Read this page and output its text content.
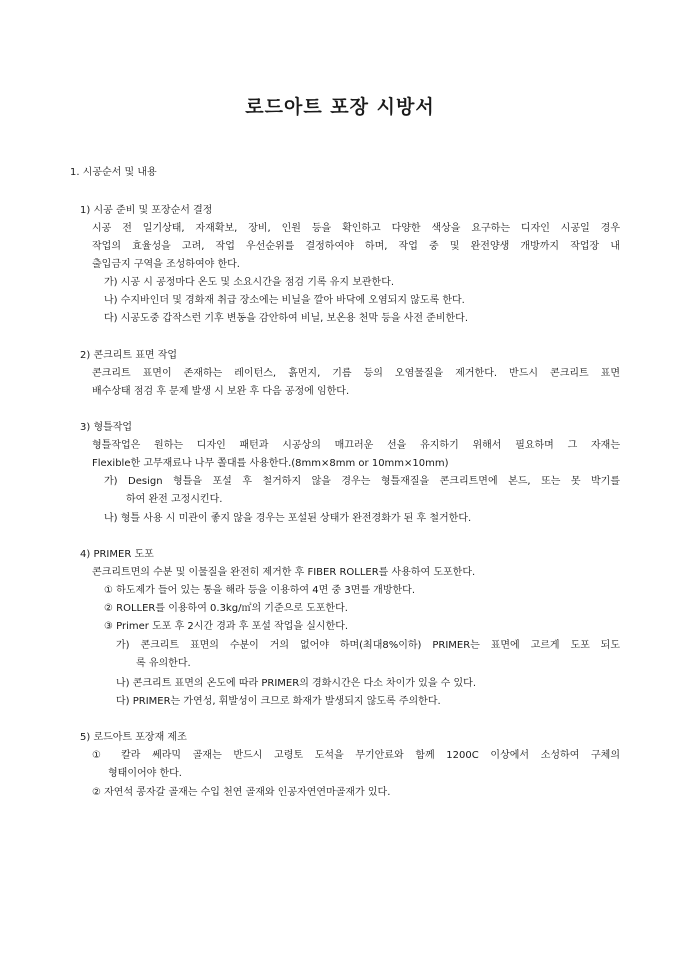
로드아트 포장 시방서
1. 시공순서 및 내용
1) 시공 준비 및 포장순서 결정
시공 전 일기상태, 자재확보, 장비, 인원 등을 확인하고 다양한 색상을 요구하는 디자인 시공일 경우
작업의 효율성을 고려, 작업 우선순위를 결정하여야 하며, 작업 중 및 완전양생 개방까지 작업장 내
출입금지 구역을 조성하여야 한다.
가) 시공 시 공정마다 온도 및 소요시간을 점검 기록 유지 보관한다.
나) 수지바인더 및 경화재 취급 장소에는 비닐을 깔아 바닥에 오염되지 않도록 한다.
다) 시공도중 갑작스런 기후 변동을 감안하여 비닐, 보온용 천막 등을 사전 준비한다.
2) 콘크리트 표면 작업
콘크리트 표면이 존재하는 레이턴스, 흙먼지, 기름 등의 오염물질을 제거한다. 반드시 콘크리트 표면
배수상태 점검 후 문제 발생 시 보완 후 다음 공정에 임한다.
3) 형틀작업
형틀작업은 원하는 디자인 패턴과 시공상의 매끄러운 선을 유지하기 위해서 필요하며 그 자재는
Flexible한 고무재료나 나무 쫄대를 사용한다.(8mm×8mm or 10mm×10mm)
가) Design 형틀을 포설 후 철거하지 않을 경우는 형틀재질을 콘크리트면에 본드, 또는 못 박기를
하여 완전 고정시킨다.
나) 형틀 사용 시 미관이 좋지 않을 경우는 포설된 상태가 완전경화가 된 후 철거한다.
4) PRIMER 도포
콘크리트면의 수분 및 이물질을 완전히 제거한 후 FIBER ROLLER를 사용하여 도포한다.
① 하도제가 들어 있는 통을 해라 등을 이용하여 4면 중 3면를 개방한다.
② ROLLER를 이용하여 0.3kg/㎡의 기준으로 도포한다.
③ Primer 도포 후 2시간 경과 후 포설 작업을 실시한다.
가) 콘크리트 표면의 수분이 거의 없어야 하며(최대8%이하) PRIMER는 표면에 고르게 도포 되도
록 유의한다.
나) 콘크리트 표면의 온도에 따라 PRIMER의 경화시간은 다소 차이가 있을 수 있다.
다) PRIMER는 가연성, 휘발성이 크므로 화재가 발생되지 않도록 주의한다.
5) 로드아트 포장재 제조
① 칼라 쎄라믹 골재는 반드시 고령토 도석을 무기안료와 함께 1200C 이상에서 소성하여 구체의
형태이어야 한다.
② 자연석 콩자갈 골재는 수입 천연 골재와 인공자연연마골재가 있다.
